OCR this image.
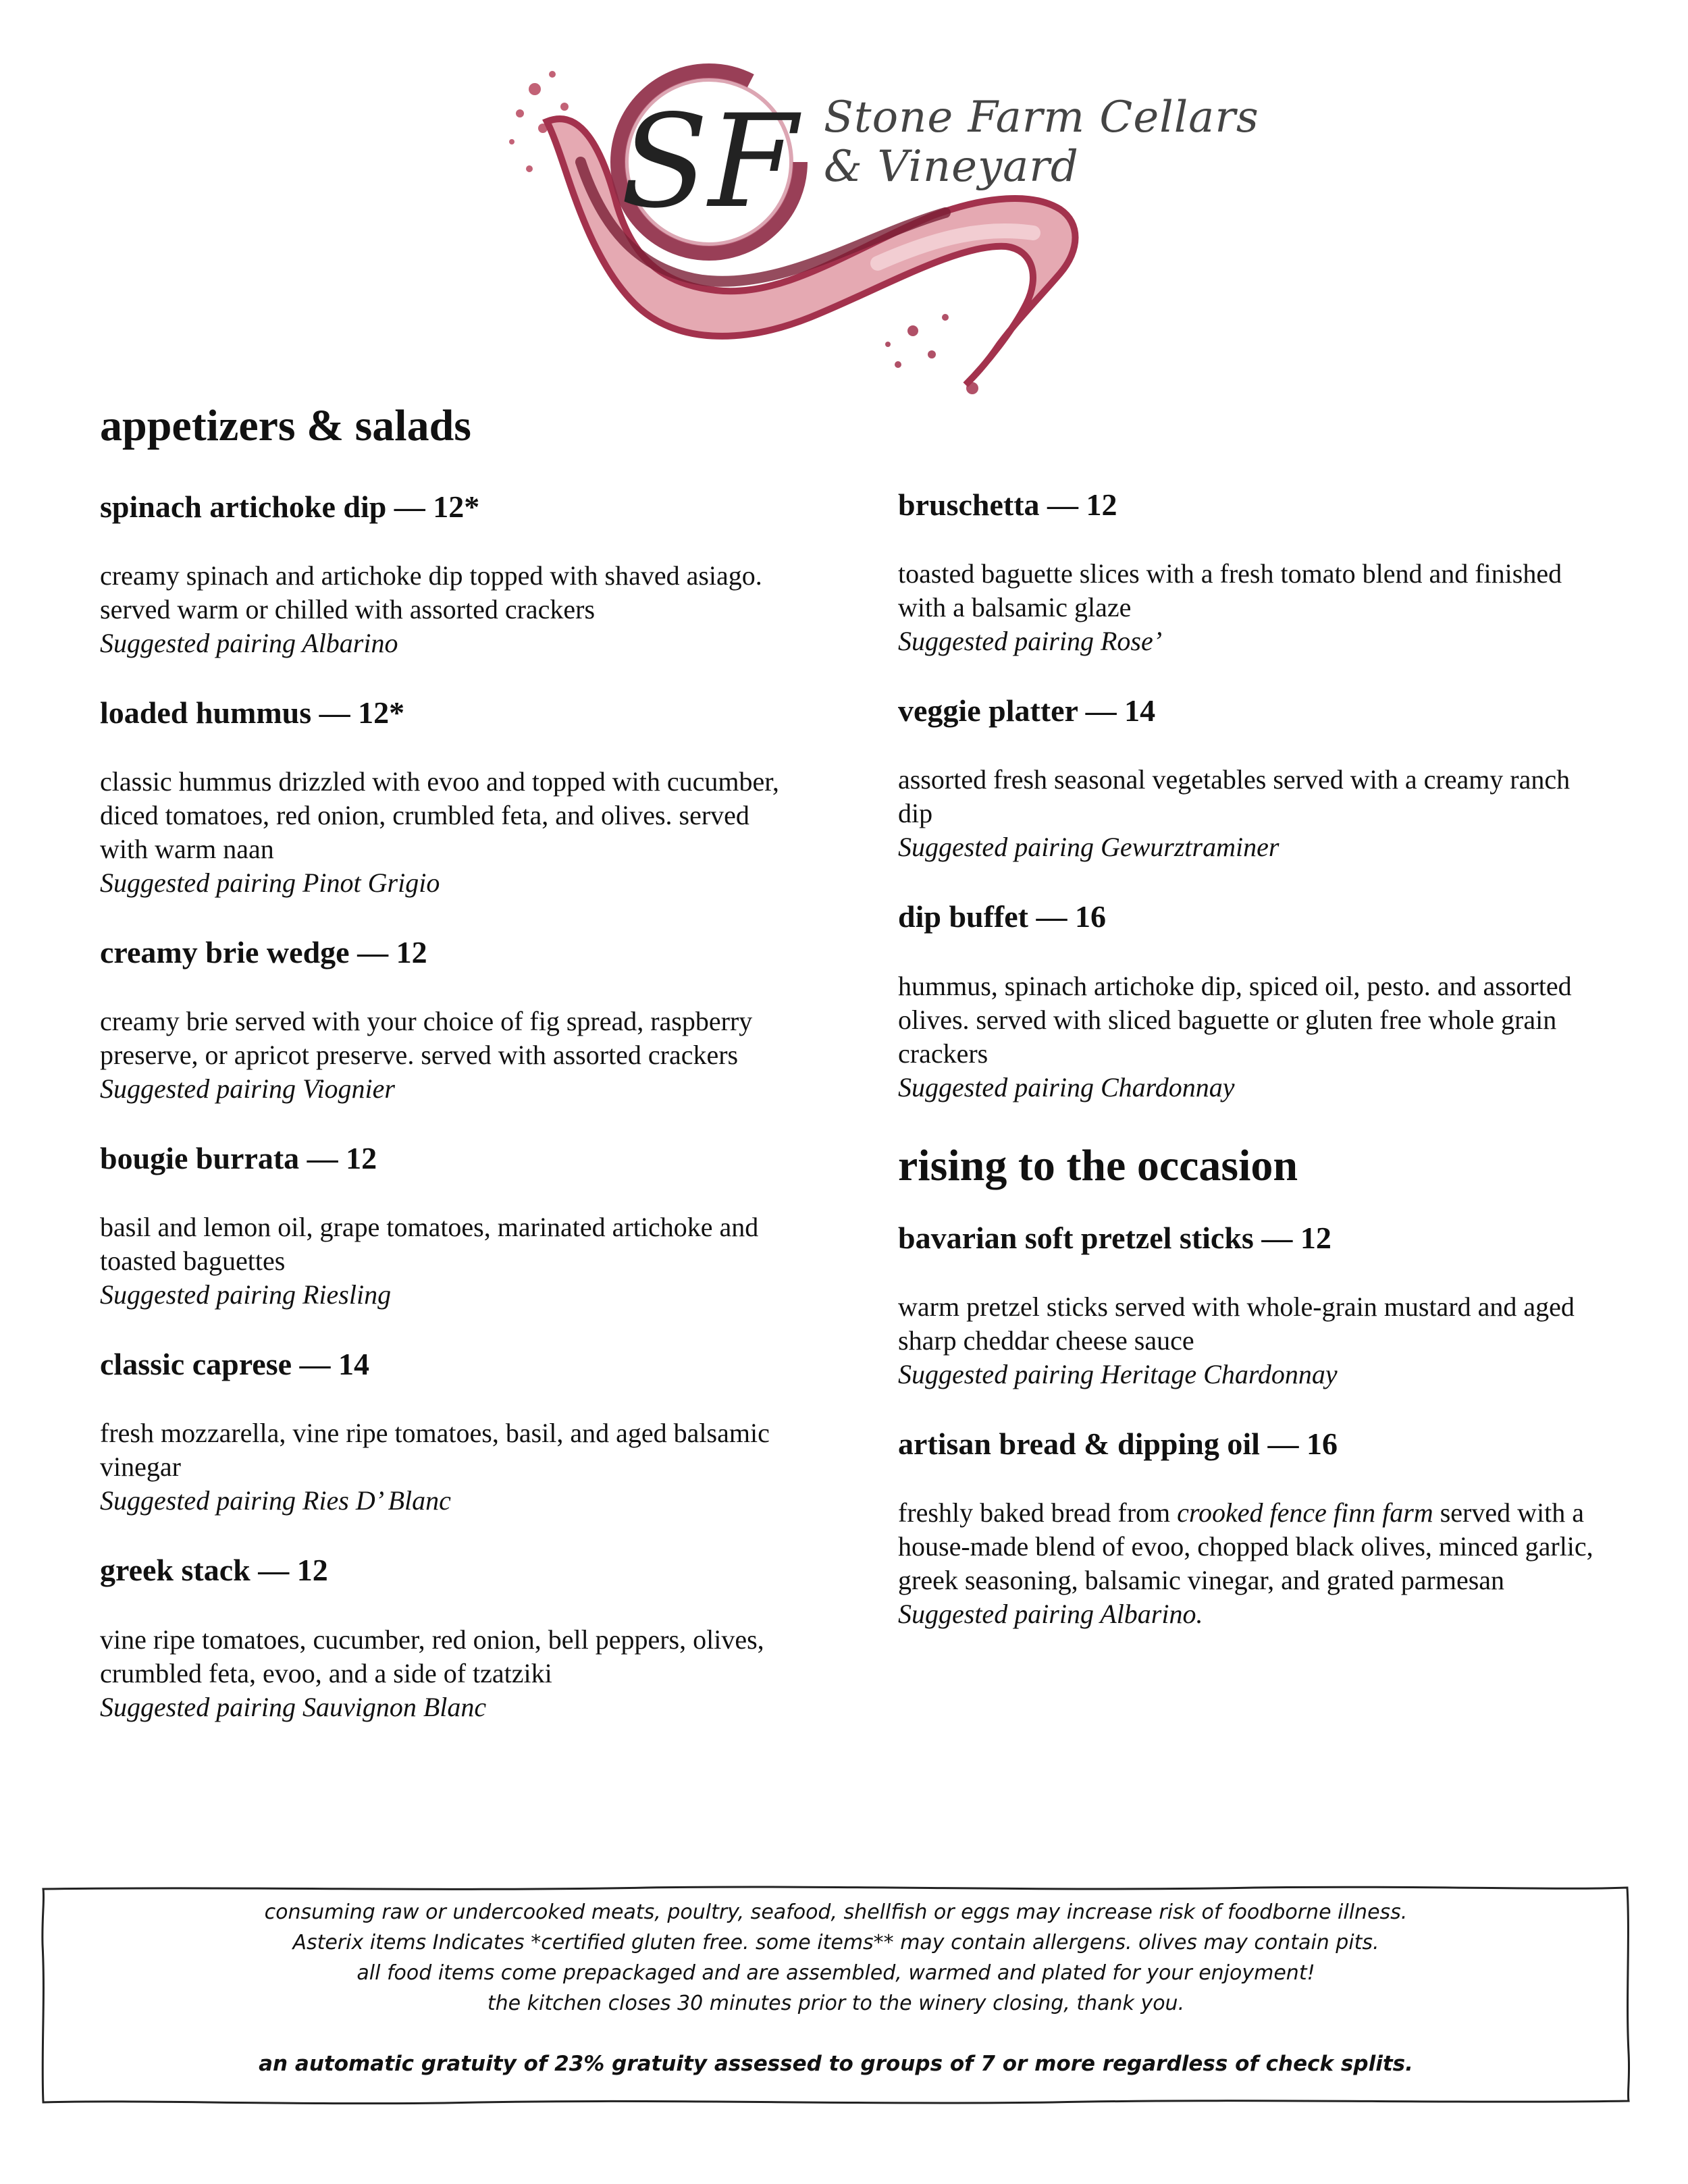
SF Stone Farm Cellars
& Vineyard
appetizers & salads

spinach artichoke dip — 12*

creamy spinach and artichoke dip topped with shaved asiago. served warm or chilled with assorted crackers

Suggested pairing Albarino

loaded hummus — 12*

classic hummus drizzled with evoo and topped with cucumber, diced tomatoes, red onion, crumbled feta, and olives. served with warm naan

Suggested pairing Pinot Grigio

creamy brie wedge — 12

creamy brie served with your choice of fig spread, raspberry preserve, or apricot preserve. served with assorted crackers

Suggested pairing Viognier

bougie burrata — 12

basil and lemon oil, grape tomatoes, marinated artichoke and toasted baguettes

Suggested pairing Riesling

classic caprese — 14

fresh mozzarella, vine ripe tomatoes, basil, and aged balsamic vinegar

Suggested pairing Ries D’ Blanc

greek stack — 12

vine ripe tomatoes, cucumber, red onion, bell peppers, olives, crumbled feta, evoo, and a side of tzatziki

Suggested pairing Sauvignon Blanc

bruschetta — 12

toasted baguette slices with a fresh tomato blend and finished with a balsamic glaze

Suggested pairing Rose’

veggie platter — 14

assorted fresh seasonal vegetables served with a creamy ranch dip

Suggested pairing Gewurztraminer

dip buffet — 16

hummus, spinach artichoke dip, spiced oil, pesto. and assorted olives. served with sliced baguette or gluten free whole grain crackers

Suggested pairing Chardonnay

rising to the occasion

bavarian soft pretzel sticks — 12

warm pretzel sticks served with whole-grain mustard and aged sharp cheddar cheese sauce

Suggested pairing Heritage Chardonnay

artisan bread & dipping oil — 16

freshly baked bread from crooked fence finn farm served with a house-made blend of evoo, chopped black olives, minced garlic, greek seasoning, balsamic vinegar, and grated parmesan

Suggested pairing Albarino.

consuming raw or undercooked meats, poultry, seafood, shellfish or eggs may increase risk of foodborne illness.
Asterix items Indicates *certified gluten free. some items** may contain allergens. olives may contain pits.
all food items come prepackaged and are assembled, warmed and plated for your enjoyment!
the kitchen closes 30 minutes prior to the winery closing, thank you.
an automatic gratuity of 23% gratuity assessed to groups of 7 or more regardless of check splits.
